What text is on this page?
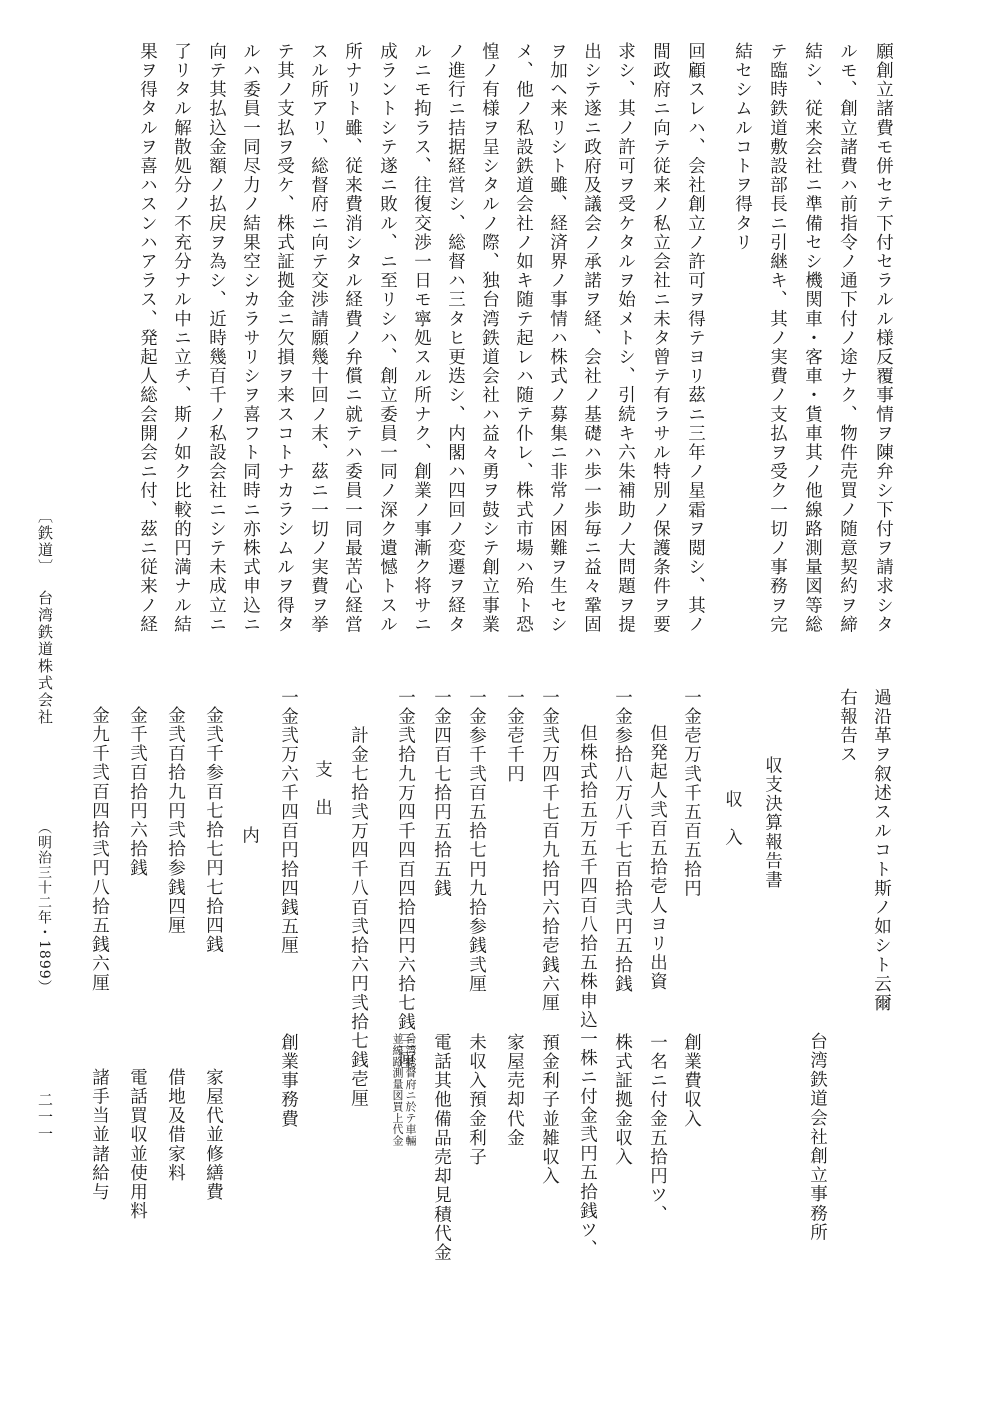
願創立諸費モ併セテ下付セラルル様反覆事情ヲ陳弁シ下付ヲ請求シタ
ルモ、創立諸費ハ前指令ノ通下付ノ途ナク、物件売買ノ随意契約ヲ締
結シ、従来会社ニ準備セシ機関車・客車・貨車其ノ他線路測量図等総
テ臨時鉄道敷設部長ニ引継キ、其ノ実費ノ支払ヲ受ク一切ノ事務ヲ完
結セシムルコトヲ得タリ
回顧スレハ、会社創立ノ許可ヲ得テヨリ茲ニ三年ノ星霜ヲ閲シ、其ノ
間政府ニ向テ従来ノ私立会社ニ未タ曾テ有ラサル特別ノ保護条件ヲ要
求シ、其ノ許可ヲ受ケタルヲ始メトシ、引続キ六朱補助ノ大問題ヲ提
出シテ遂ニ政府及議会ノ承諾ヲ経、会社ノ基礎ハ歩一歩毎ニ益々鞏固
ヲ加ヘ来リシト雖、経済界ノ事情ハ株式ノ募集ニ非常ノ困難ヲ生セシ
メ、他ノ私設鉄道会社ノ如キ随テ起レハ随テ仆レ、株式市場ハ殆ト恐
惶ノ有様ヲ呈シタルノ際、独台湾鉄道会社ハ益々勇ヲ鼓シテ創立事業
ノ進行ニ拮据経営シ、総督ハ三タヒ更迭シ、内閣ハ四回ノ変遷ヲ経タ
ルニモ拘ラス、往復交渉一日モ寧処スル所ナク、創業ノ事漸ク将サニ
成ラントシテ遂ニ敗ル、ニ至リシハ、創立委員一同ノ深ク遺憾トスル
所ナリト雖、従来費消シタル経費ノ弁償ニ就テハ委員一同最苦心経営
スル所アリ、総督府ニ向テ交渉請願幾十回ノ末、茲ニ一切ノ実費ヲ挙
テ其ノ支払ヲ受ケ、株式証拠金ニ欠損ヲ来スコトナカラシムルヲ得タ
ルハ委員一同尽力ノ結果空シカラサリシヲ喜フト同時ニ亦株式申込ニ
向テ其払込金額ノ払戻ヲ為シ、近時幾百千ノ私設会社ニシテ未成立ニ
了リタル解散処分ノ不充分ナル中ニ立チ、斯ノ如ク比較的円満ナル結
果ヲ得タルヲ喜ハスンハアラス、発起人総会開会ニ付、茲ニ従来ノ経
過沿革ヲ叙述スルコト斯ノ如シト云爾
右報告ス
台湾鉄道会社創立事務所
収支決算報告書
収　入
一金壱万弐千五百五拾円
創業費収入
但発起人弐百五拾壱人ヨリ出資
一名ニ付金五拾円ツ、
一金参拾八万八千七百拾弐円五拾銭
株式証拠金収入
但株式拾五万五千四百八拾五株申込一株ニ付金弐円五拾銭ツ、
一金弐万四千七百九拾円六拾壱銭六厘
預金利子並雑収入
一金壱千円
家屋売却代金
一金参千弐百五拾七円九拾参銭弐厘
未収入預金利子
一金四百七拾円五拾五銭
電話其他備品売却見積代金
一金弐拾九万四千四百四拾四円六拾七銭三厘
台湾総督府ニ於テ車輛
並線路測量図買上代金
計金七拾弐万四千八百弐拾六円弐拾七銭壱厘
支　出
一金弐万六千四百円拾四銭五厘
創業事務費
内
金弐千参百七拾七円七拾四銭
家屋代並修繕費
金弐百拾九円弐拾参銭四厘
借地及借家料
金千弐百拾円六拾銭
電話買収並使用料
金九千弐百四拾弐円八拾五銭六厘
諸手当並諸給与
〔鉄道〕
台湾鉄道株式会社
（明治三十二年・1899）
二一一
